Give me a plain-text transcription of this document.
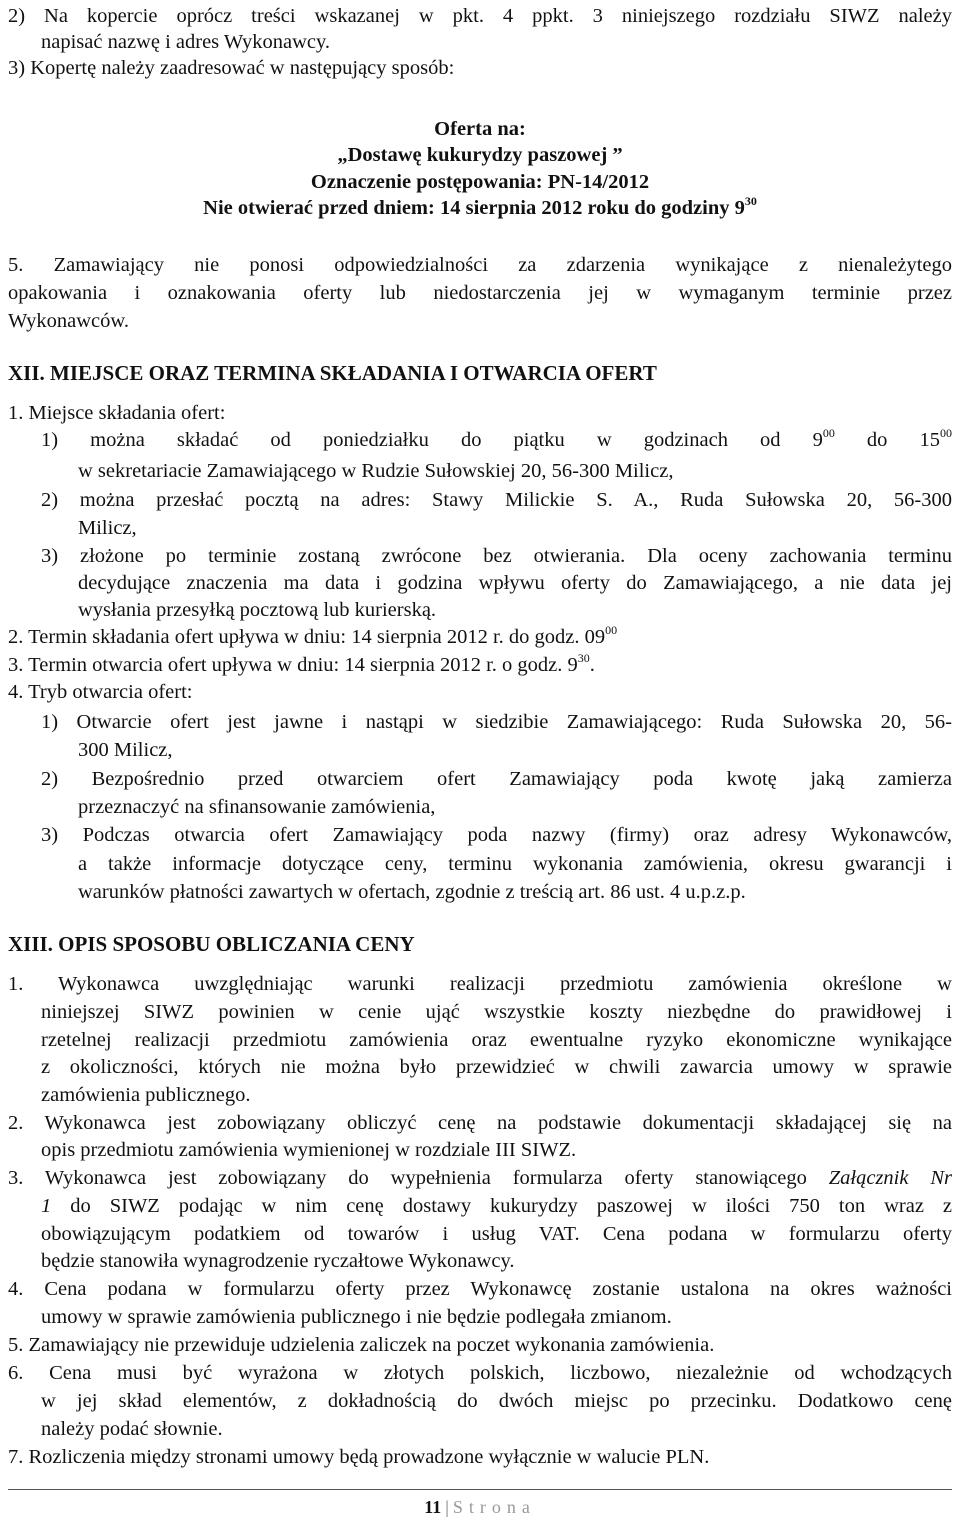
2) Na kopercie oprócz treści wskazanej w pkt. 4 ppkt. 3 niniejszego rozdziału SIWZ należy
napisać nazwę i adres Wykonawcy.
3) Kopertę należy zaadresować w następujący sposób:
Oferta na:
„Dostawę kukurydzy paszowej ”
Oznaczenie postępowania: PN-14/2012
Nie otwierać przed dniem: 14 sierpnia 2012 roku do godziny $9^{30}$
5. Zamawiający nie ponosi odpowiedzialności za zdarzenia wynikające z nienależytego
opakowania i oznakowania oferty lub niedostarczenia jej w wymaganym terminie przez
Wykonawców.
XII. MIEJSCE ORAZ TERMINA SKŁADANIA I OTWARCIA OFERT
1. Miejsce składania ofert:
1) można składać od poniedziałku do piątku w godzinach od $9^{00}$ do $15^{00}$
w sekretariacie Zamawiającego w Rudzie Sułowskiej 20, 56-300 Milicz,
2) można przesłać pocztą na adres: Stawy Milickie S. A., Ruda Sułowska 20, 56-300
Milicz,
3) złożone po terminie zostaną zwrócone bez otwierania. Dla oceny zachowania terminu
decydujące znaczenia ma data i godzina wpływu oferty do Zamawiającego, a nie data jej
wysłania przesyłką pocztową lub kurierską.
2. Termin składania ofert upływa w dniu: 14 sierpnia 2012 r. do godz. $09^{00}$
3. Termin otwarcia ofert upływa w dniu: 14 sierpnia 2012 r. o godz. $9^{30}$.
4. Tryb otwarcia ofert:
1) Otwarcie ofert jest jawne i nastąpi w siedzibie Zamawiającego: Ruda Sułowska 20, 56-
300 Milicz,
2) Bezpośrednio przed otwarciem ofert Zamawiający poda kwotę jaką zamierza
przeznaczyć na sfinansowanie zamówienia,
3) Podczas otwarcia ofert Zamawiający poda nazwy (firmy) oraz adresy Wykonawców,
a także informacje dotyczące ceny, terminu wykonania zamówienia, okresu gwarancji i
warunków płatności zawartych w ofertach, zgodnie z treścią art. 86 ust. 4 u.p.z.p.
XIII. OPIS SPOSOBU OBLICZANIA CENY
1. Wykonawca uwzględniając warunki realizacji przedmiotu zamówienia określone w
niniejszej SIWZ powinien w cenie ująć wszystkie koszty niezbędne do prawidłowej i
rzetelnej realizacji przedmiotu zamówienia oraz ewentualne ryzyko ekonomiczne wynikające
z okoliczności, których nie można było przewidzieć w chwili zawarcia umowy w sprawie
zamówienia publicznego.
2. Wykonawca jest zobowiązany obliczyć cenę na podstawie dokumentacji składającej się na
opis przedmiotu zamówienia wymienionej w rozdziale III SIWZ.
3. Wykonawca jest zobowiązany do wypełnienia formularza oferty stanowiącego Załącznik Nr
1 do SIWZ podając w nim cenę dostawy kukurydzy paszowej w ilości 750 ton wraz z
obowiązującym podatkiem od towarów i usług VAT. Cena podana w formularzu oferty
będzie stanowiła wynagrodzenie ryczałtowe Wykonawcy.
4. Cena podana w formularzu oferty przez Wykonawcę zostanie ustalona na okres ważności
umowy w sprawie zamówienia publicznego i nie będzie podlegała zmianom.
5. Zamawiający nie przewiduje udzielenia zaliczek na poczet wykonania zamówienia.
6. Cena musi być wyrażona w złotych polskich, liczbowo, niezależnie od wchodzących
w jej skład elementów, z dokładnością do dwóch miejsc po przecinku. Dodatkowo cenę
należy podać słownie.
7. Rozliczenia między stronami umowy będą prowadzone wyłącznie w walucie PLN.
11 | Strona
